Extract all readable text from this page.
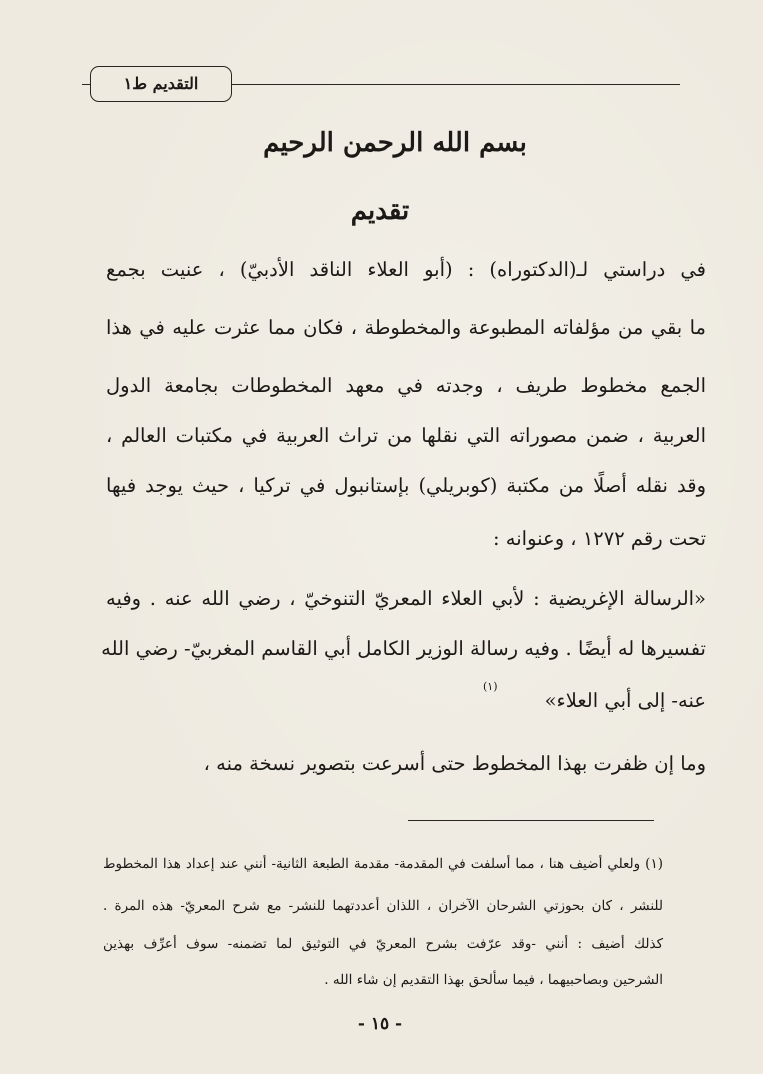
التقديم ط١
بسم الله الرحمن الرحيم
تقديم
في دراستي لـ(الدكتوراه) : (أبو العلاء الناقد الأدبيّ) ، عنيت بجمع
ما بقي من مؤلفاته المطبوعة والمخطوطة ، فكان مما عثرت عليه في هذا
الجمع مخطوط طريف ، وجدته في معهد المخطوطات بجامعة الدول
العربية ، ضمن مصوراته التي نقلها من تراث العربية في مكتبات العالم ،
وقد نقله أصلًا من مكتبة (كوبريلي) بإستانبول في تركيا ، حيث يوجد فيها
تحت رقم ١٢٧٢ ، وعنوانه :
«الرسالة الإغريضية : لأبي العلاء المعريّ التنوخيّ ، رضي الله عنه . وفيه
تفسيرها له أيضًا . وفيه رسالة الوزير الكامل أبي القاسم المغربيّ- رضي الله
عنه- إلى أبي العلاء»
(١)
وما إن ظفرت بهذا المخطوط حتى أسرعت بتصوير نسخة منه ،
(١) ولعلي أضيف هنا ، مما أسلفت في المقدمة- مقدمة الطبعة الثانية- أنني عند إعداد هذا المخطوط
للنشر ، كان بحوزتي الشرحان الآخران ، اللذان أعددتهما للنشر- مع شرح المعريّ- هذه المرة .
كذلك أضيف : أنني -وقد عرّفت بشرح المعريّ في التوثيق لما تضمنه- سوف أعرِّف بهذين
الشرحين وبصاحبيهما ، فيما سألحق بهذا التقديم إن شاء الله .
- ١٥ -
